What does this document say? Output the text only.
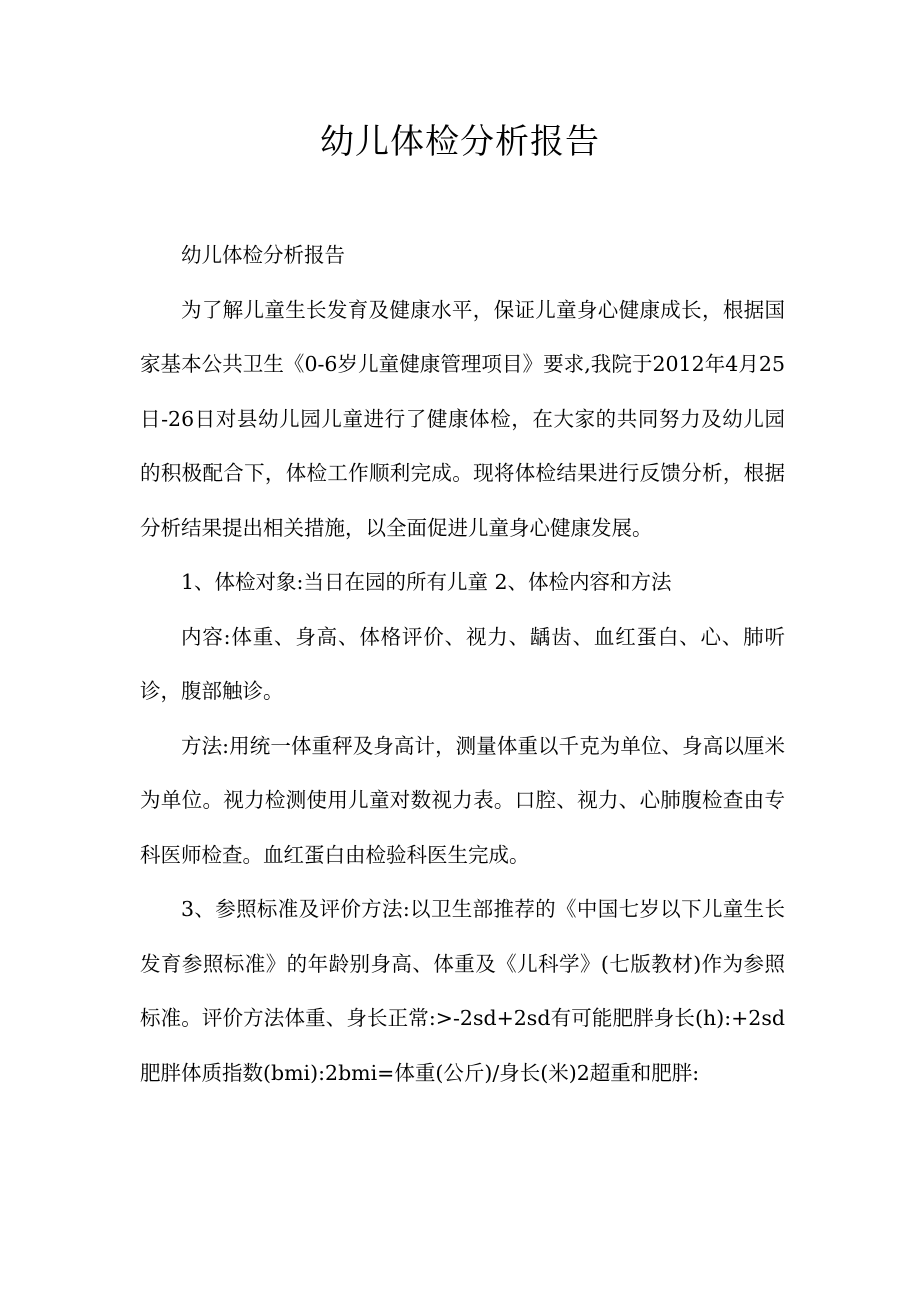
幼儿体检分析报告

幼儿体检分析报告

为了解儿童生长发育及健康水平，保证儿童身心健康成长，根据国家基本公共卫生《0-6岁儿童健康管理项目》要求,我院于2012年4月25日-26日对县幼儿园儿童进行了健康体检，在大家的共同努力及幼儿园的积极配合下，体检工作顺利完成。现将体检结果进行反馈分析，根据分析结果提出相关措施，以全面促进儿童身心健康发展。

1、体检对象:当日在园的所有儿童 2、体检内容和方法

内容:体重、身高、体格评价、视力、龋齿、血红蛋白、心、肺听诊，腹部触诊。

方法:用统一体重秤及身高计，测量体重以千克为单位、身高以厘米为单位。视力检测使用儿童对数视力表。口腔、视力、心肺腹检查由专科医师检查。血红蛋白由检验科医生完成。

3、参照标准及评价方法:以卫生部推荐的《中国七岁以下儿童生长发育参照标准》的年龄别身高、体重及《儿科学》(七版教材)作为参照标准。评价方法体重、身长正常:>-2sd+2sd有可能肥胖身长(h):+2sd肥胖体质指数(bmi):2bmi=体重(公斤)/身长(米)2超重和肥胖:
